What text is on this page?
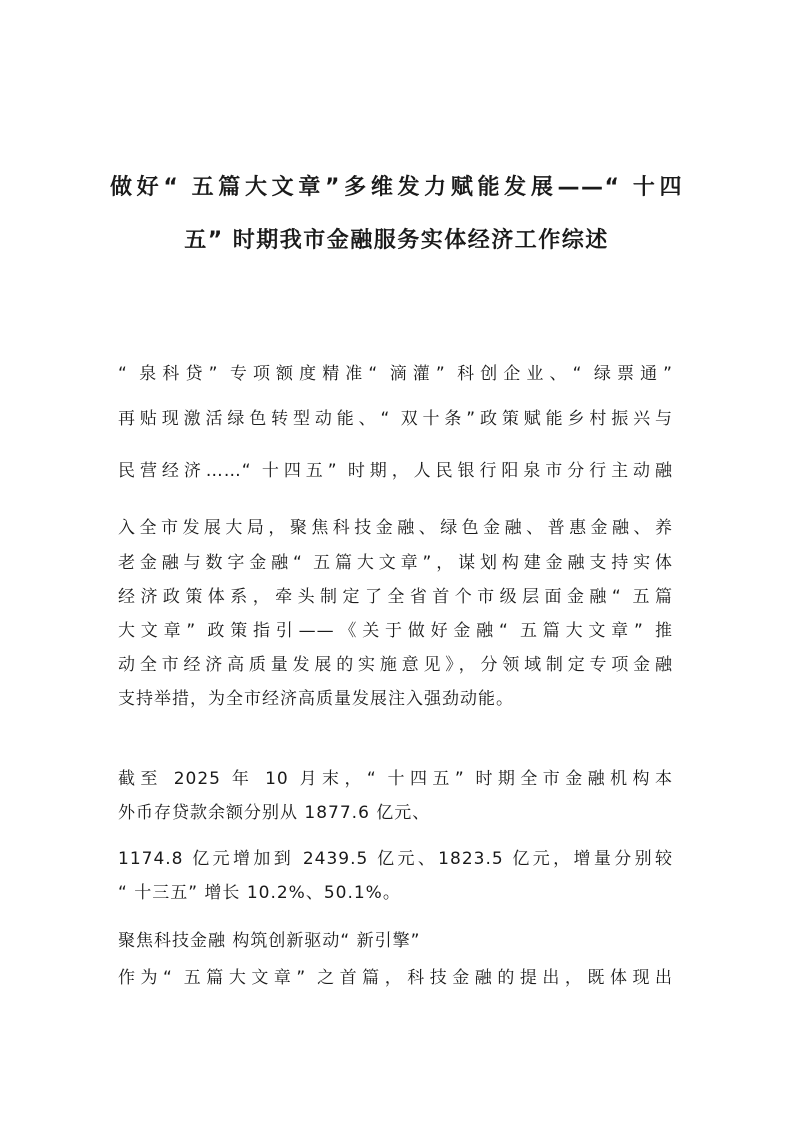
做好“ 五篇大文章”多维发力赋能发展——“ 十四
五” 时期我市金融服务实体经济工作综述
“ 泉科贷” 专项额度精准“ 滴灌” 科创企业、“ 绿票通”
再贴现激活绿色转型动能、“ 双十条”政策赋能乡村振兴与
民营经济……“ 十四五” 时期，人民银行阳泉市分行主动融
入全市发展大局，聚焦科技金融、绿色金融、普惠金融、养
老金融与数字金融“ 五篇大文章”，谋划构建金融支持实体
经济政策体系，牵头制定了全省首个市级层面金融“ 五篇
大文章” 政策指引——《关于做好金融“ 五篇大文章” 推
动全市经济高质量发展的实施意见》，分领域制定专项金融
支持举措，为全市经济高质量发展注入强劲动能。
截至 2025 年 10 月末，“ 十四五” 时期全市金融机构本
外币存贷款余额分别从 1877.6 亿元、
1174.8 亿元增加到 2439.5 亿元、1823.5 亿元，增量分别较
“ 十三五” 增长 10.2%、50.1%。
聚焦科技金融 构筑创新驱动“ 新引擎”
作为“ 五篇大文章” 之首篇，科技金融的提出，既体现出
